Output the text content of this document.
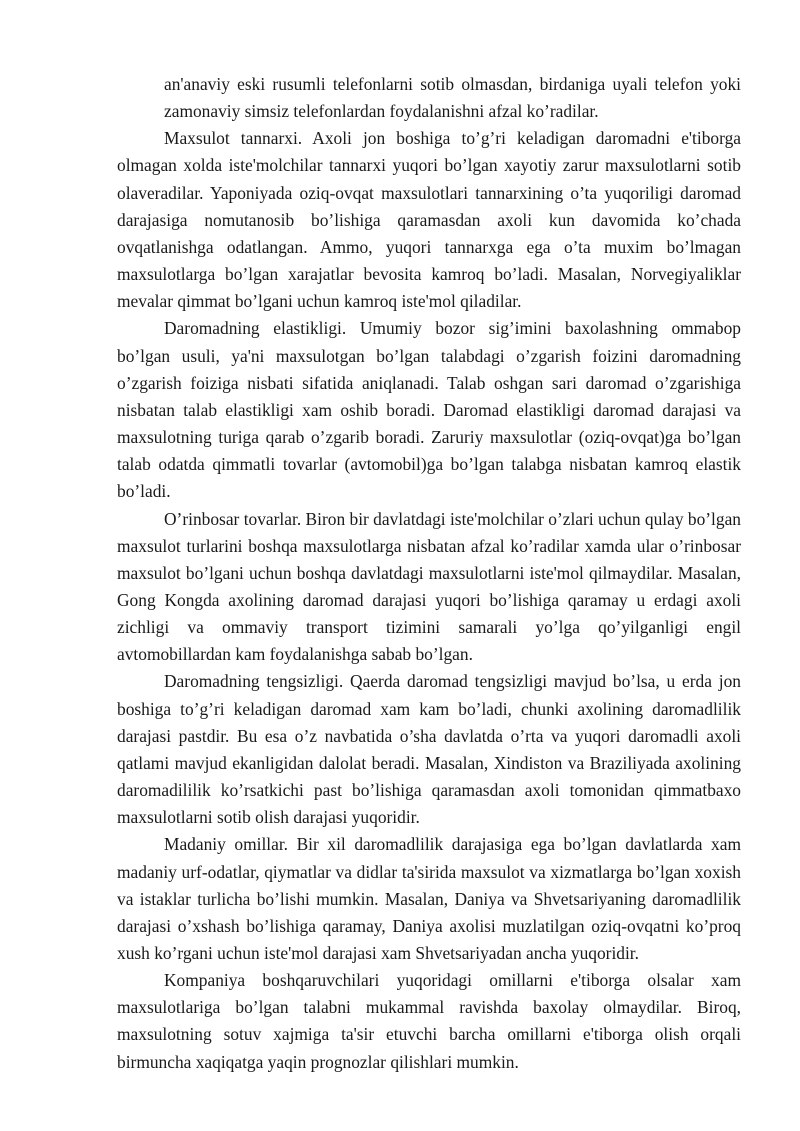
an'anaviy eski rusumli telefonlarni sotib olmasdan, birdaniga uyali telefon yoki zamonaviy simsiz telefonlardan foydalanishni afzal ko’radilar.

Maxsulot tannarxi. Axoli jon boshiga to’g’ri keladigan daromadni e'tiborga olmagan xolda iste'molchilar tannarxi yuqori bo’lgan xayotiy zarur maxsulotlarni sotib olaveradilar. Yaponiyada oziq-ovqat maxsulotlari tannarxining o’ta yuqoriligi daromad darajasiga nomutanosib bo’lishiga qaramasdan axoli kun davomida ko’chada ovqatlanishga odatlangan. Ammo, yuqori tannarxga ega o’ta muxim bo’lmagan maxsulotlarga bo’lgan xarajatlar bevosita kamroq bo’ladi. Masalan, Norvegiyaliklar mevalar qimmat bo’lgani uchun kamroq iste'mol qiladilar.

Daromadning elastikligi. Umumiy bozor sig’imini baxolashning ommabop bo’lgan usuli, ya'ni maxsulotgan bo’lgan talabdagi o’zgarish foizini daromadning o’zgarish foiziga nisbati sifatida aniqlanadi. Talab oshgan sari daromad o’zgarishiga nisbatan talab elastikligi xam oshib boradi. Daromad elastikligi daromad darajasi va maxsulotning turiga qarab o’zgarib boradi. Zaruriy maxsulotlar (oziq-ovqat)ga bo’lgan talab odatda qimmatli tovarlar (avtomobil)ga bo’lgan talabga nisbatan kamroq elastik bo’ladi.

O’rinbosar tovarlar. Biron bir davlatdagi iste'molchilar o’zlari uchun qulay bo’lgan maxsulot turlarini boshqa maxsulotlarga nisbatan afzal ko’radilar xamda ular o’rinbosar maxsulot bo’lgani uchun boshqa davlatdagi maxsulotlarni iste'mol qilmaydilar. Masalan, Gong Kongda axolining daromad darajasi yuqori bo’lishiga qaramay u erdagi axoli zichligi va ommaviy transport tizimini samarali yo’lga qo’yilganligi engil avtomobillardan kam foydalanishga sabab bo’lgan.

Daromadning tengsizligi. Qaerda daromad tengsizligi mavjud bo’lsa, u erda jon boshiga to’g’ri keladigan daromad xam kam bo’ladi, chunki axolining daromadlilik darajasi pastdir. Bu esa o’z navbatida o’sha davlatda o’rta va yuqori daromadli axoli qatlami mavjud ekanligidan dalolat beradi. Masalan, Xindiston va Braziliyada axolining daromadililik ko’rsatkichi past bo’lishiga qaramasdan axoli tomonidan qimmatbaxo maxsulotlarni sotib olish darajasi yuqoridir.

Madaniy omillar. Bir xil daromadlilik darajasiga ega bo’lgan davlatlarda xam madaniy urf-odatlar, qiymatlar va didlar ta'sirida maxsulot va xizmatlarga bo’lgan xoxish va istaklar turlicha bo’lishi mumkin. Masalan, Daniya va Shvetsariyaning daromadlilik darajasi o’xshash bo’lishiga qaramay, Daniya axolisi muzlatilgan oziq-ovqatni ko’proq xush ko’rgani uchun iste'mol darajasi xam Shvetsariyadan ancha yuqoridir.

Kompaniya boshqaruvchilari yuqoridagi omillarni e'tiborga olsalar xam maxsulotlariga bo’lgan talabni mukammal ravishda baxolay olmaydilar. Biroq, maxsulotning sotuv xajmiga ta'sir etuvchi barcha omillarni e'tiborga olish orqali birmuncha xaqiqatga yaqin prognozlar qilishlari mumkin.
